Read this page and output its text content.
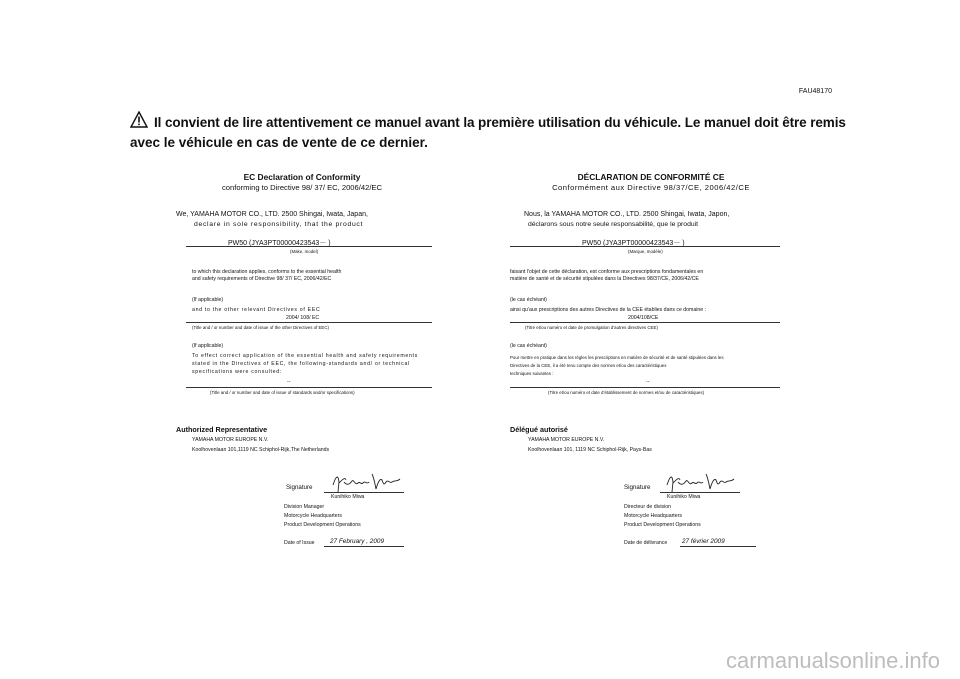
FAU48170
Il convient de lire attentivement ce manuel avant la première utilisation du véhicule. Le manuel doit être remis
avec le véhicule en cas de vente de ce dernier.
EC Declaration of Conformity
conforming to Directive 98/ 37/ EC, 2006/42/EC
We, YAMAHA MOTOR CO., LTD. 2500 Shingai, Iwata, Japan,
declare in sole responsibility, that the product
PW50 (JYA3PT00000423543－ )
(Make, model)
to which this declaration applies, conforms to the essential health
and safety requirements of Directive 98/ 37/ EC, 2006/42/EC
(If applicable)
and to the other relevant Directives of EEC
2004/ 108/ EC
(Title and / or number and date of issue of the other Directives of EEC)
(If applicable)
To effect correct application of the essential health and safety requirements
stated in the Directives of EEC, the following-standards and/ or technical
specifications were consulted:
--
(Title and / or number and date of issue of standards and/or specifications)
Authorized Representative
YAMAHA MOTOR EUROPE N.V.
Koolhovenlaan 101,1119 NC Schiphol-Rijk,The Netherlands
Signature
Kunihiko Miwa
Division Manager
Motorcycle Headquarters
Product Development Operations
Date of Issue 27 February , 2009
DÉCLARATION DE CONFORMITÉ CE
Conformément aux Directive 98/37/CE, 2006/42/CE
Nous, la YAMAHA MOTOR CO., LTD. 2500 Shingai, Iwata, Japon,
déclarons sous notre seule responsabilité, que le produit
PW50 (JYA3PT00000423543－ )
(Marque, modèle)
faisant l’objet de cette déclaration, est conforme aux prescriptions fondamentales en
matière de santé et de sécurité stipulées dans la Directives 98/37/CE, 2006/42/CE
(le cas échéant)
ainsi qu’aux prescriptions des autres Directives de la CEE établies dans ce domaine :
2004/108/CE
(Titre et/ou numéro et date de promulgation d’autres directives CEE)
(le cas échéant)
Pour mettre en pratique dans les règles les prescriptions en matière de sécurité et de santé stipulées dans les
Directives de la CEE, il a été tenu compte des normes et/ou des caractéristiques
techniques suivantes :
--
(Titre et/ou numéro et date d’établissement de normes et/ou de caractéristiques)
Délégué autorisé
YAMAHA MOTOR EUROPE N.V.
Koolhovenlaan 101, 1119 NC Schiphol-Rijk, Pays-Bas
Signature
Kunihiko Miwa
Directeur de division
Motorcycle Headquarters
Product Development Operations
Date de délivrance 27 février 2009
carmanualsonline.info
